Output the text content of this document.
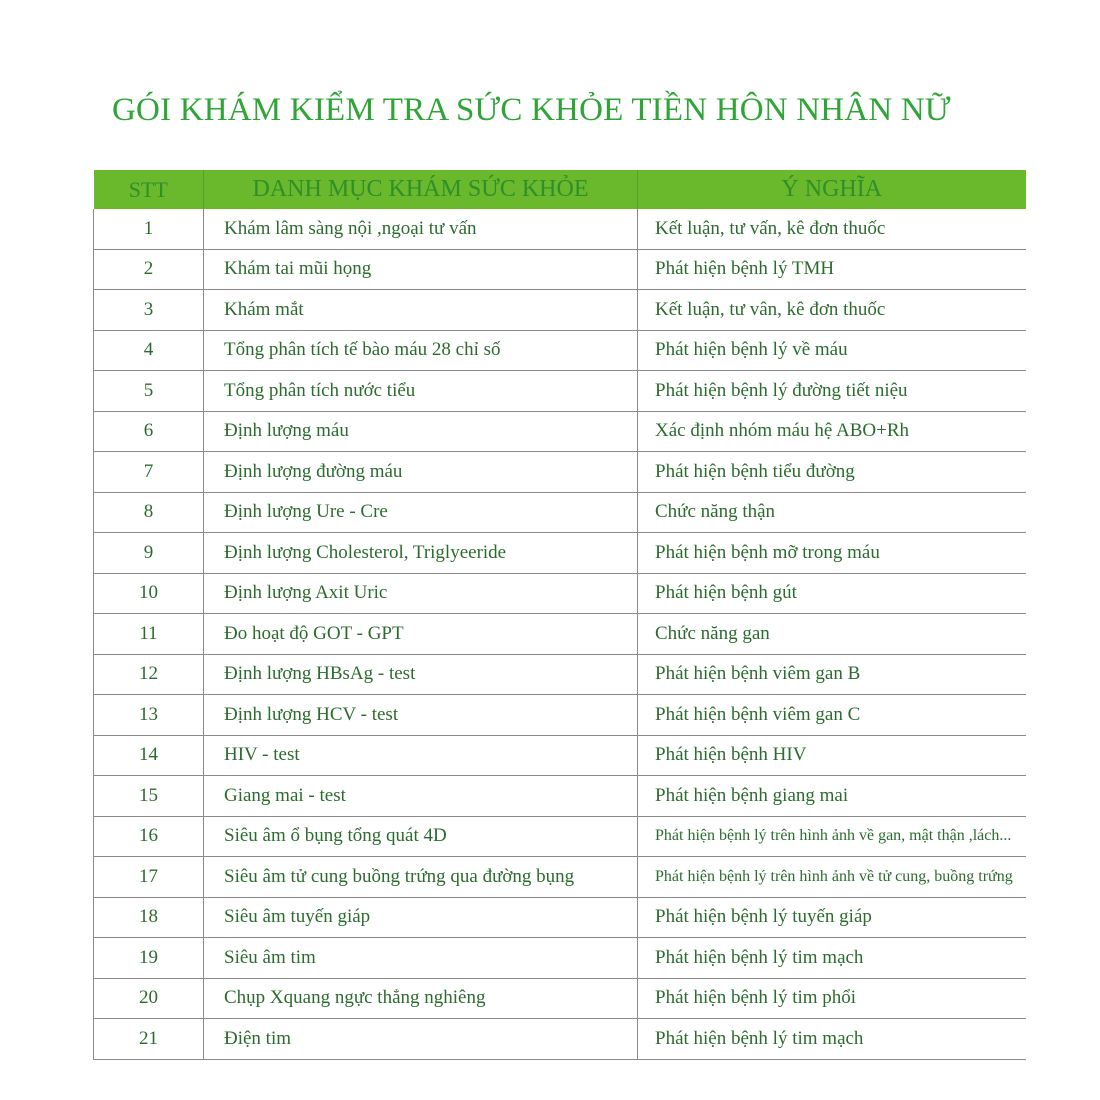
GÓI KHÁM KIỂM TRA SỨC KHỎE TIỀN HÔN NHÂN NỮ
STT	DANH MỤC KHÁM SỨC KHỎE	Ý NGHĨA
1	Khám lâm sàng nội ,ngoại tư vấn	Kết luận, tư vấn, kê đơn thuốc
2	Khám tai mũi họng	Phát hiện bệnh lý TMH
3	Khám mắt	Kết luận, tư vân, kê đơn thuốc
4	Tổng phân tích tế bào máu 28 chỉ số	Phát hiện bệnh lý về máu
5	Tổng phân tích nước tiểu	Phát hiện bệnh lý đường tiết niệu
6	Định lượng máu	Xác định nhóm máu hệ ABO+Rh
7	Định lượng đường máu	Phát hiện bệnh tiểu đường
8	Định lượng Ure - Cre	Chức năng thận
9	Định lượng Cholesterol, Triglyeeride	Phát hiện bệnh mỡ trong máu
10	Định lượng Axit Uric	Phát hiện bệnh gút
11	Đo hoạt độ GOT - GPT	Chức năng gan
12	Định lượng HBsAg - test	Phát hiện bệnh viêm gan B
13	Định lượng HCV - test	Phát hiện bệnh viêm gan C
14	HIV - test	Phát hiện bệnh HIV
15	Giang mai - test	Phát hiện bệnh giang mai
16	Siêu âm ổ bụng tổng quát 4D	Phát hiện bệnh lý trên hình ảnh về gan, mật thận ,lách...
17	Siêu âm tử cung buồng trứng qua đường bụng	Phát hiện bệnh lý trên hình ảnh về tử cung, buồng trứng
18	Siêu âm tuyến giáp	Phát hiện bệnh lý tuyến giáp
19	Siêu âm tim	Phát hiện bệnh lý tim mạch
20	Chụp Xquang ngực thẳng nghiêng	Phát hiện bệnh lý tim phổi
21	Điện tim	Phát hiện bệnh lý tim mạch
